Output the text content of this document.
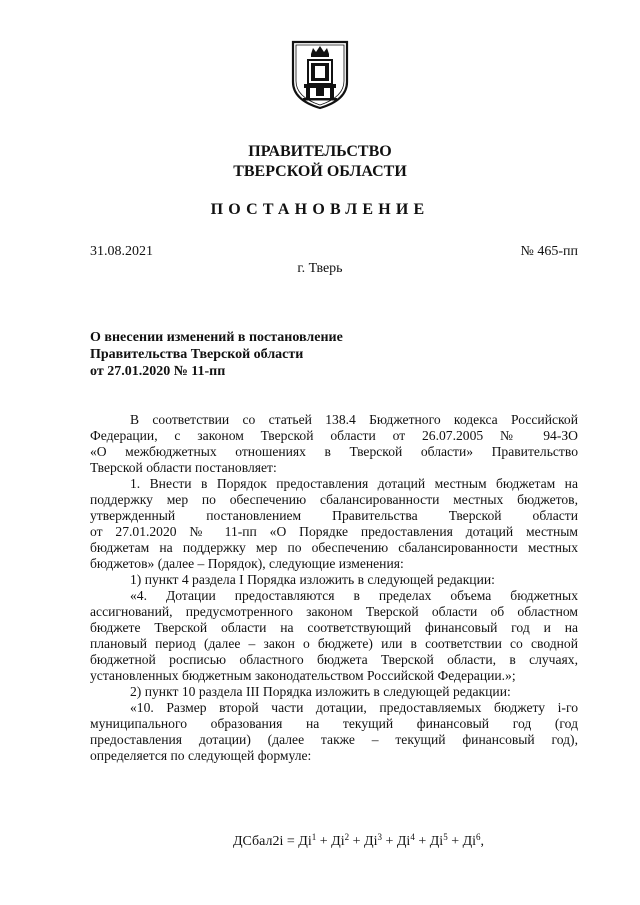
ПРАВИТЕЛЬСТВО
ТВЕРСКОЙ ОБЛАСТИ
ПОСТАНОВЛЕНИЕ
31.08.2021	№ 465-пп
г. Тверь
О внесении изменений в постановление
Правительства Тверской области
от 27.01.2020 № 11-пп
В соответствии со статьей 138.4 Бюджетного кодекса Российской
Федерации, с законом Тверской области от 26.07.2005 № 94-ЗО
«О межбюджетных отношениях в Тверской области» Правительство
Тверской области постановляет:
1. Внести в Порядок предоставления дотаций местным бюджетам на
поддержку мер по обеспечению сбалансированности местных бюджетов,
утвержденный постановлением Правительства Тверской области
от 27.01.2020 № 11-пп «О Порядке предоставления дотаций местным
бюджетам на поддержку мер по обеспечению сбалансированности местных
бюджетов» (далее – Порядок), следующие изменения:
1) пункт 4 раздела I Порядка изложить в следующей редакции:
«4. Дотации предоставляются в пределах объема бюджетных
ассигнований, предусмотренного законом Тверской области об областном
бюджете Тверской области на соответствующий финансовый год и на
плановый период (далее – закон о бюджете) или в соответствии со сводной
бюджетной росписью областного бюджета Тверской области, в случаях,
установленных бюджетным законодательством Российской Федерации.»;
2) пункт 10 раздела III Порядка изложить в следующей редакции:
«10. Размер второй части дотации, предоставляемых бюджету i-го
муниципального образования на текущий финансовый год (год
предоставления дотации) (далее также – текущий финансовый год),
определяется по следующей формуле:
ДСбал2i = $Дi^1 + Дi^2 + Дi^3 + Дi^4 + Дi^5 + Дi^6$,
